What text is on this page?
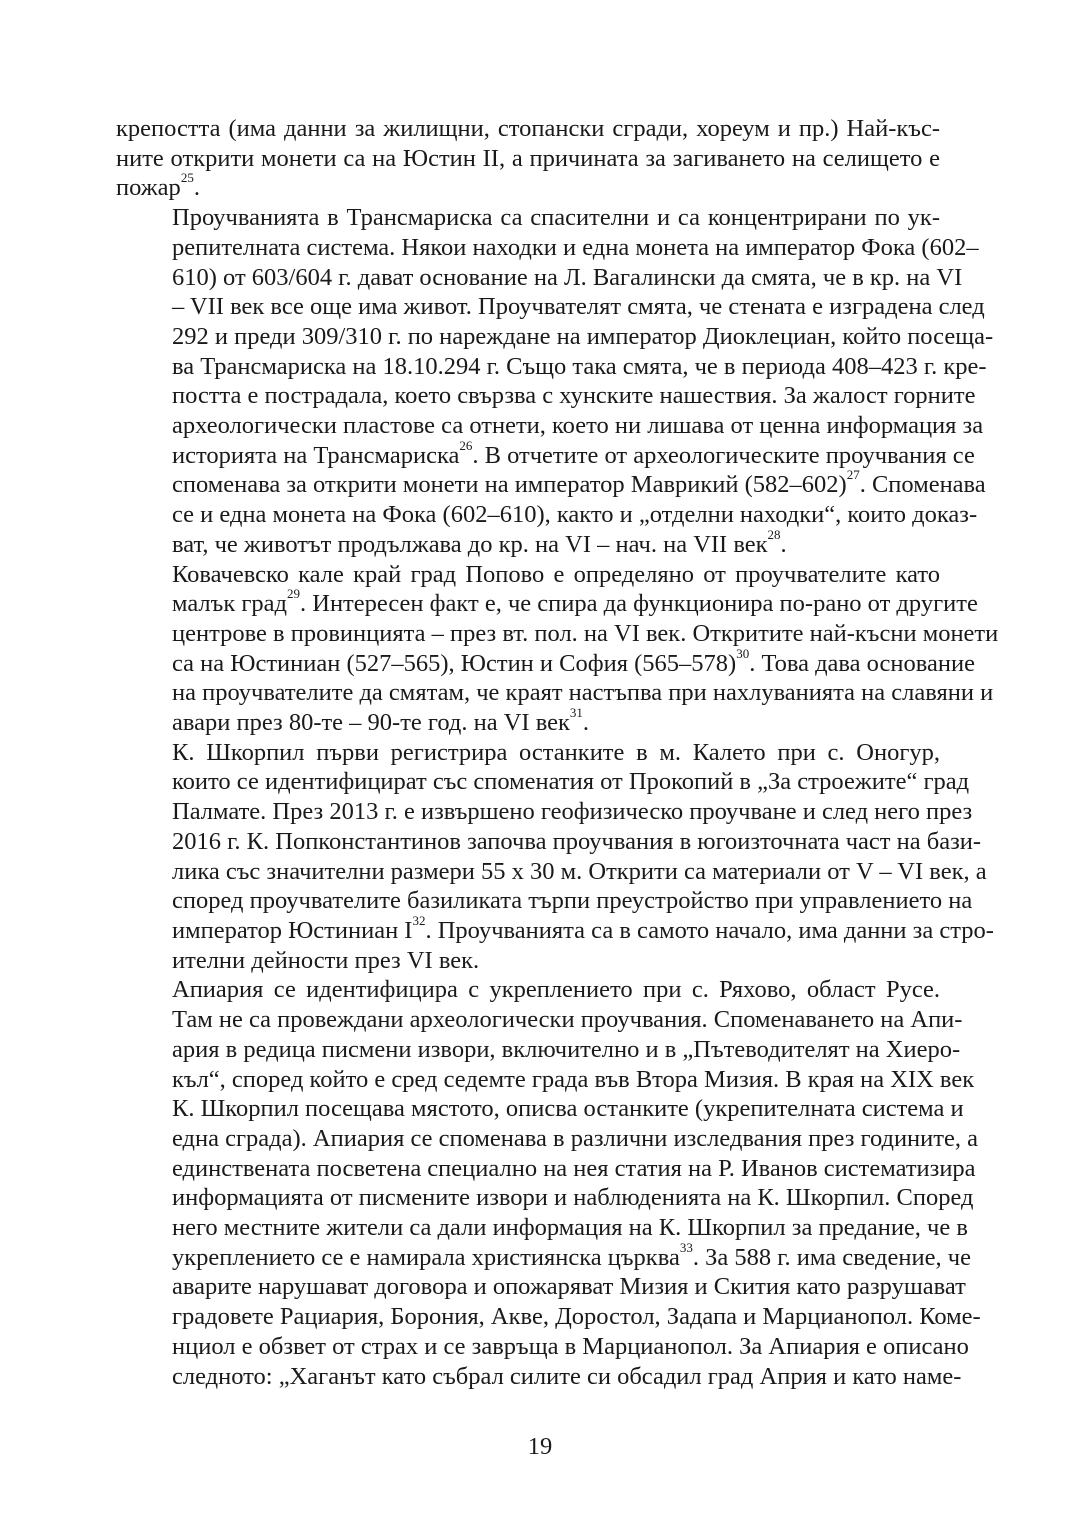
крепостта (има данни за жилищни, стопански сгради, хореум и пр.) Най-къс-
ните открити монети са на Юстин II, а причината за загиването на селището е
пожар$^{25}$.
Проучванията в Трансмариска са спасителни и са концентрирани по ук-
репителната система. Някои находки и една монета на император Фока (602–
610) от 603/604 г. дават основание на Л. Вагалински да смята, че в кр. на VI
– VII век все още има живот. Проучвателят смята, че стената е изградена след
292 и преди 309/310 г. по нареждане на император Диоклециан, който посеща-
ва Трансмариска на 18.10.294 г. Също така смята, че в периода 408–423 г. кре-
постта е пострадала, което свързва с хунските нашествия. За жалост горните
археологически пластове са отнети, което ни лишава от ценна информация за
историята на Трансмариска$^{26}$. В отчетите от археологическите проучвания се
споменава за открити монети на император Маврикий $(582-602)^{27}$. Споменава
се и една монета на Фока (602–610), както и „отделни находки“, които доказ-
ват, че животът продължава до кр. на VI – нач. на VII век$^{28}$.
Ковачевско кале край град Попово е определяно от проучвателите като
малък град$^{29}$. Интересен факт е, че спира да функционира по-рано от другите
центрове в провинцията – през вт. пол. на VI век. Откритите най-късни монети
са на Юстиниан (527–565), Юстин и София $(565-578)^{30}$. Това дава основание
на проучвателите да смятам, че краят настъпва при нахлуванията на славяни и
авари през 80-те – 90-те год. на VI век$^{31}$.
К. Шкорпил първи регистрира останките в м. Калето при с. Оногур,
които се идентифицират със споменатия от Прокопий в „За строежите“ град
Палмате. През 2013 г. е извършено геофизическо проучване и след него през
2016 г. К. Попконстантинов започва проучвания в югоизточната част на бази-
лика със значителни размери 55 х 30 м. Открити са материали от V – VI век, а
според проучвателите базиликата търпи преустройство при управлението на
император Юстиниан $I^{32}$. Проучванията са в самото начало, има данни за стро-
ителни дейности през VI век.
Апиария се идентифицира с укреплението при с. Ряхово, област Русе.
Там не са провеждани археологически проучвания. Споменаването на Апи-
ария в редица писмени извори, включително и в „Пътеводителят на Хиеро-
къл“, според който е сред седемте града във Втора Мизия. В края на XIX век
К. Шкорпил посещава мястото, описва останките (укрепителната система и
една сграда). Апиария се споменава в различни изследвания през годините, а
единствената посветена специално на нея статия на Р. Иванов систематизира
информацията от писмените извори и наблюденията на К. Шкорпил. Според
него местните жители са дали информация на К. Шкорпил за предание, че в
укреплението се е намирала християнска църква$^{33}$. За 588 г. има сведение, че
аварите нарушават договора и опожаряват Мизия и Скития като разрушават
градовете Рациария, Борония, Акве, Доростол, Задапа и Марцианопол. Коме-
нциол е обзвет от страх и се завръща в Марцианопол. За Апиария е описано
следното: „Хаганът като събрал силите си обсадил град Априя и като наме-
19
